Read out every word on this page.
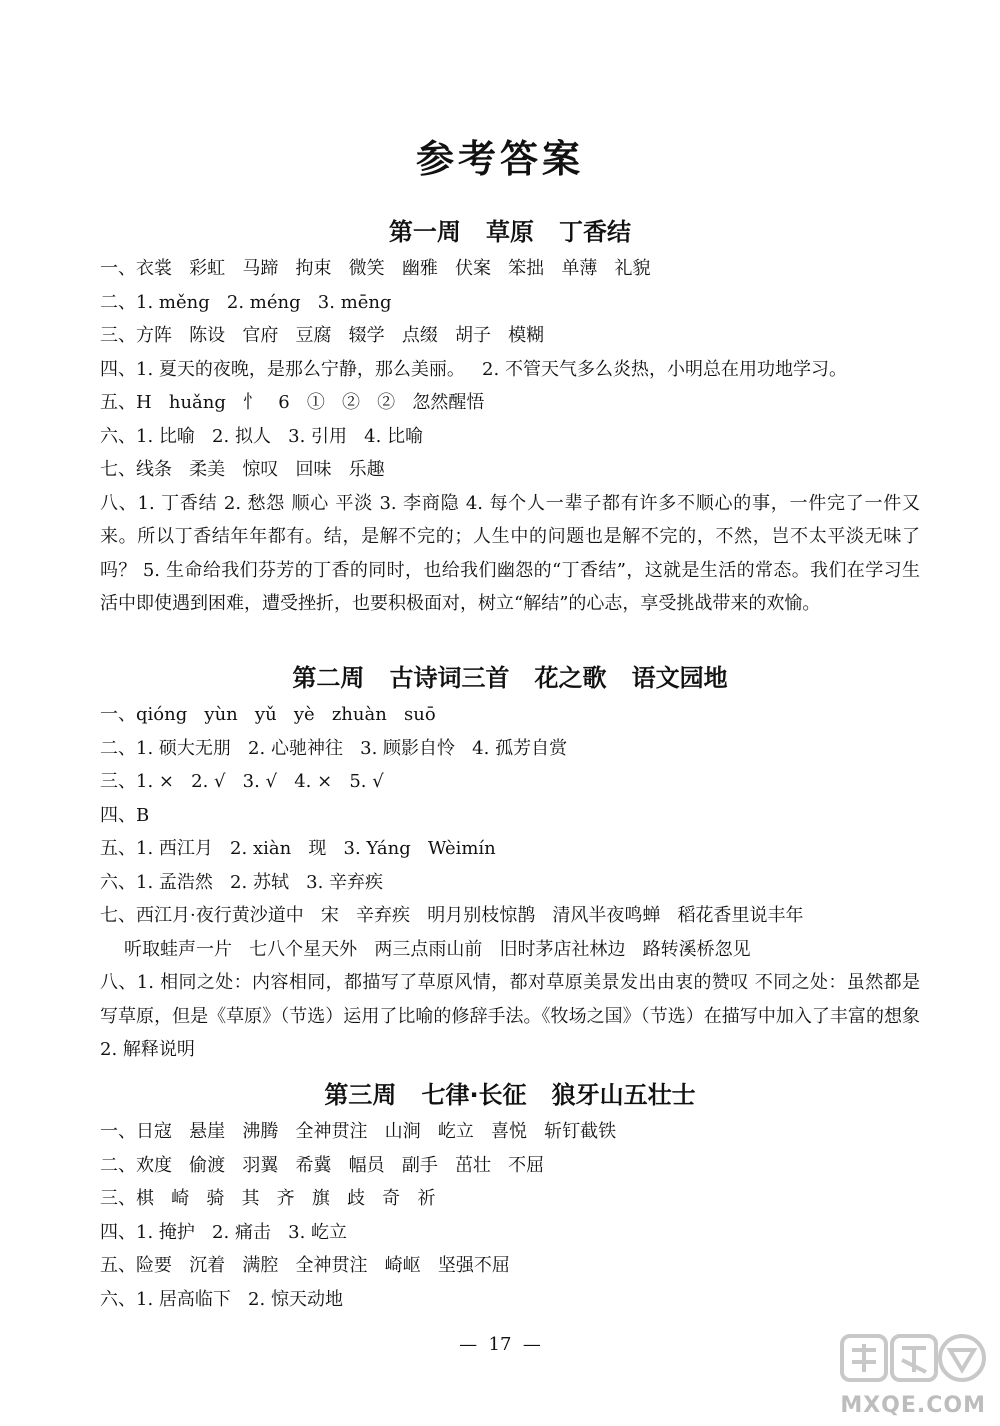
参考答案
第一周   草原   丁香结
一、衣裳   彩虹   马蹄   拘束   微笑   幽雅   伏案   笨拙   单薄   礼貌
二、1. měng   2. méng   3. mēng
三、方阵   陈设   官府   豆腐   辍学   点缀   胡子   模糊
四、1. 夏天的夜晚，是那么宁静，那么美丽。   2. 不管天气多么炎热，小明总在用功地学习。
五、H   huǎng   忄   6   ①   ②   ②   忽然醒悟
六、1. 比喻   2. 拟人   3. 引用   4. 比喻
七、线条   柔美   惊叹   回味   乐趣
八、1. 丁香结 2. 愁怨 顺心 平淡 3. 李商隐 4. 每个人一辈子都有许多不顺心的事，一件完了一件又来。所以丁香结年年都有。结，是解不完的；人生中的问题也是解不完的，不然，岂不太平淡无味了吗？ 5. 生命给我们芬芳的丁香的同时，也给我们幽怨的“丁香结”，这就是生活的常态。我们在学习生活中即使遇到困难，遭受挫折，也要积极面对，树立“解结”的心志，享受挑战带来的欢愉。
第二周   古诗词三首   花之歌   语文园地
一、qióng   yùn   yǔ   yè   zhuàn   suō
二、1. 硕大无朋   2. 心驰神往   3. 顾影自怜   4. 孤芳自赏
三、1. ×   2. √   3. √   4. ×   5. √
四、B
五、1. 西江月   2. xiàn   现   3. Yáng   Wèimín
六、1. 孟浩然   2. 苏轼   3. 辛弃疾
七、西江月·夜行黄沙道中   宋   辛弃疾   明月别枝惊鹊   清风半夜鸣蝉   稻花香里说丰年
听取蛙声一片   七八个星天外   两三点雨山前   旧时茅店社林边   路转溪桥忽见
八、1. 相同之处：内容相同，都描写了草原风情，都对草原美景发出由衷的赞叹 不同之处：虽然都是写草原，但是《草原》（节选）运用了比喻的修辞手法。《牧场之国》（节选）在描写中加入了丰富的想象 2. 解释说明
第三周   七律·长征   狼牙山五壮士
一、日寇   悬崖   沸腾   全神贯注   山涧   屹立   喜悦   斩钉截铁
二、欢度   偷渡   羽翼   希冀   幅员   副手   茁壮   不屈
三、棋   崎   骑   其   齐   旗   歧   奇   祈
四、1. 掩护   2. 痛击   3. 屹立
五、险要   沉着   满腔   全神贯注   崎岖   坚强不屈
六、1. 居高临下   2. 惊天动地
—  17  —
MXQE.COM
